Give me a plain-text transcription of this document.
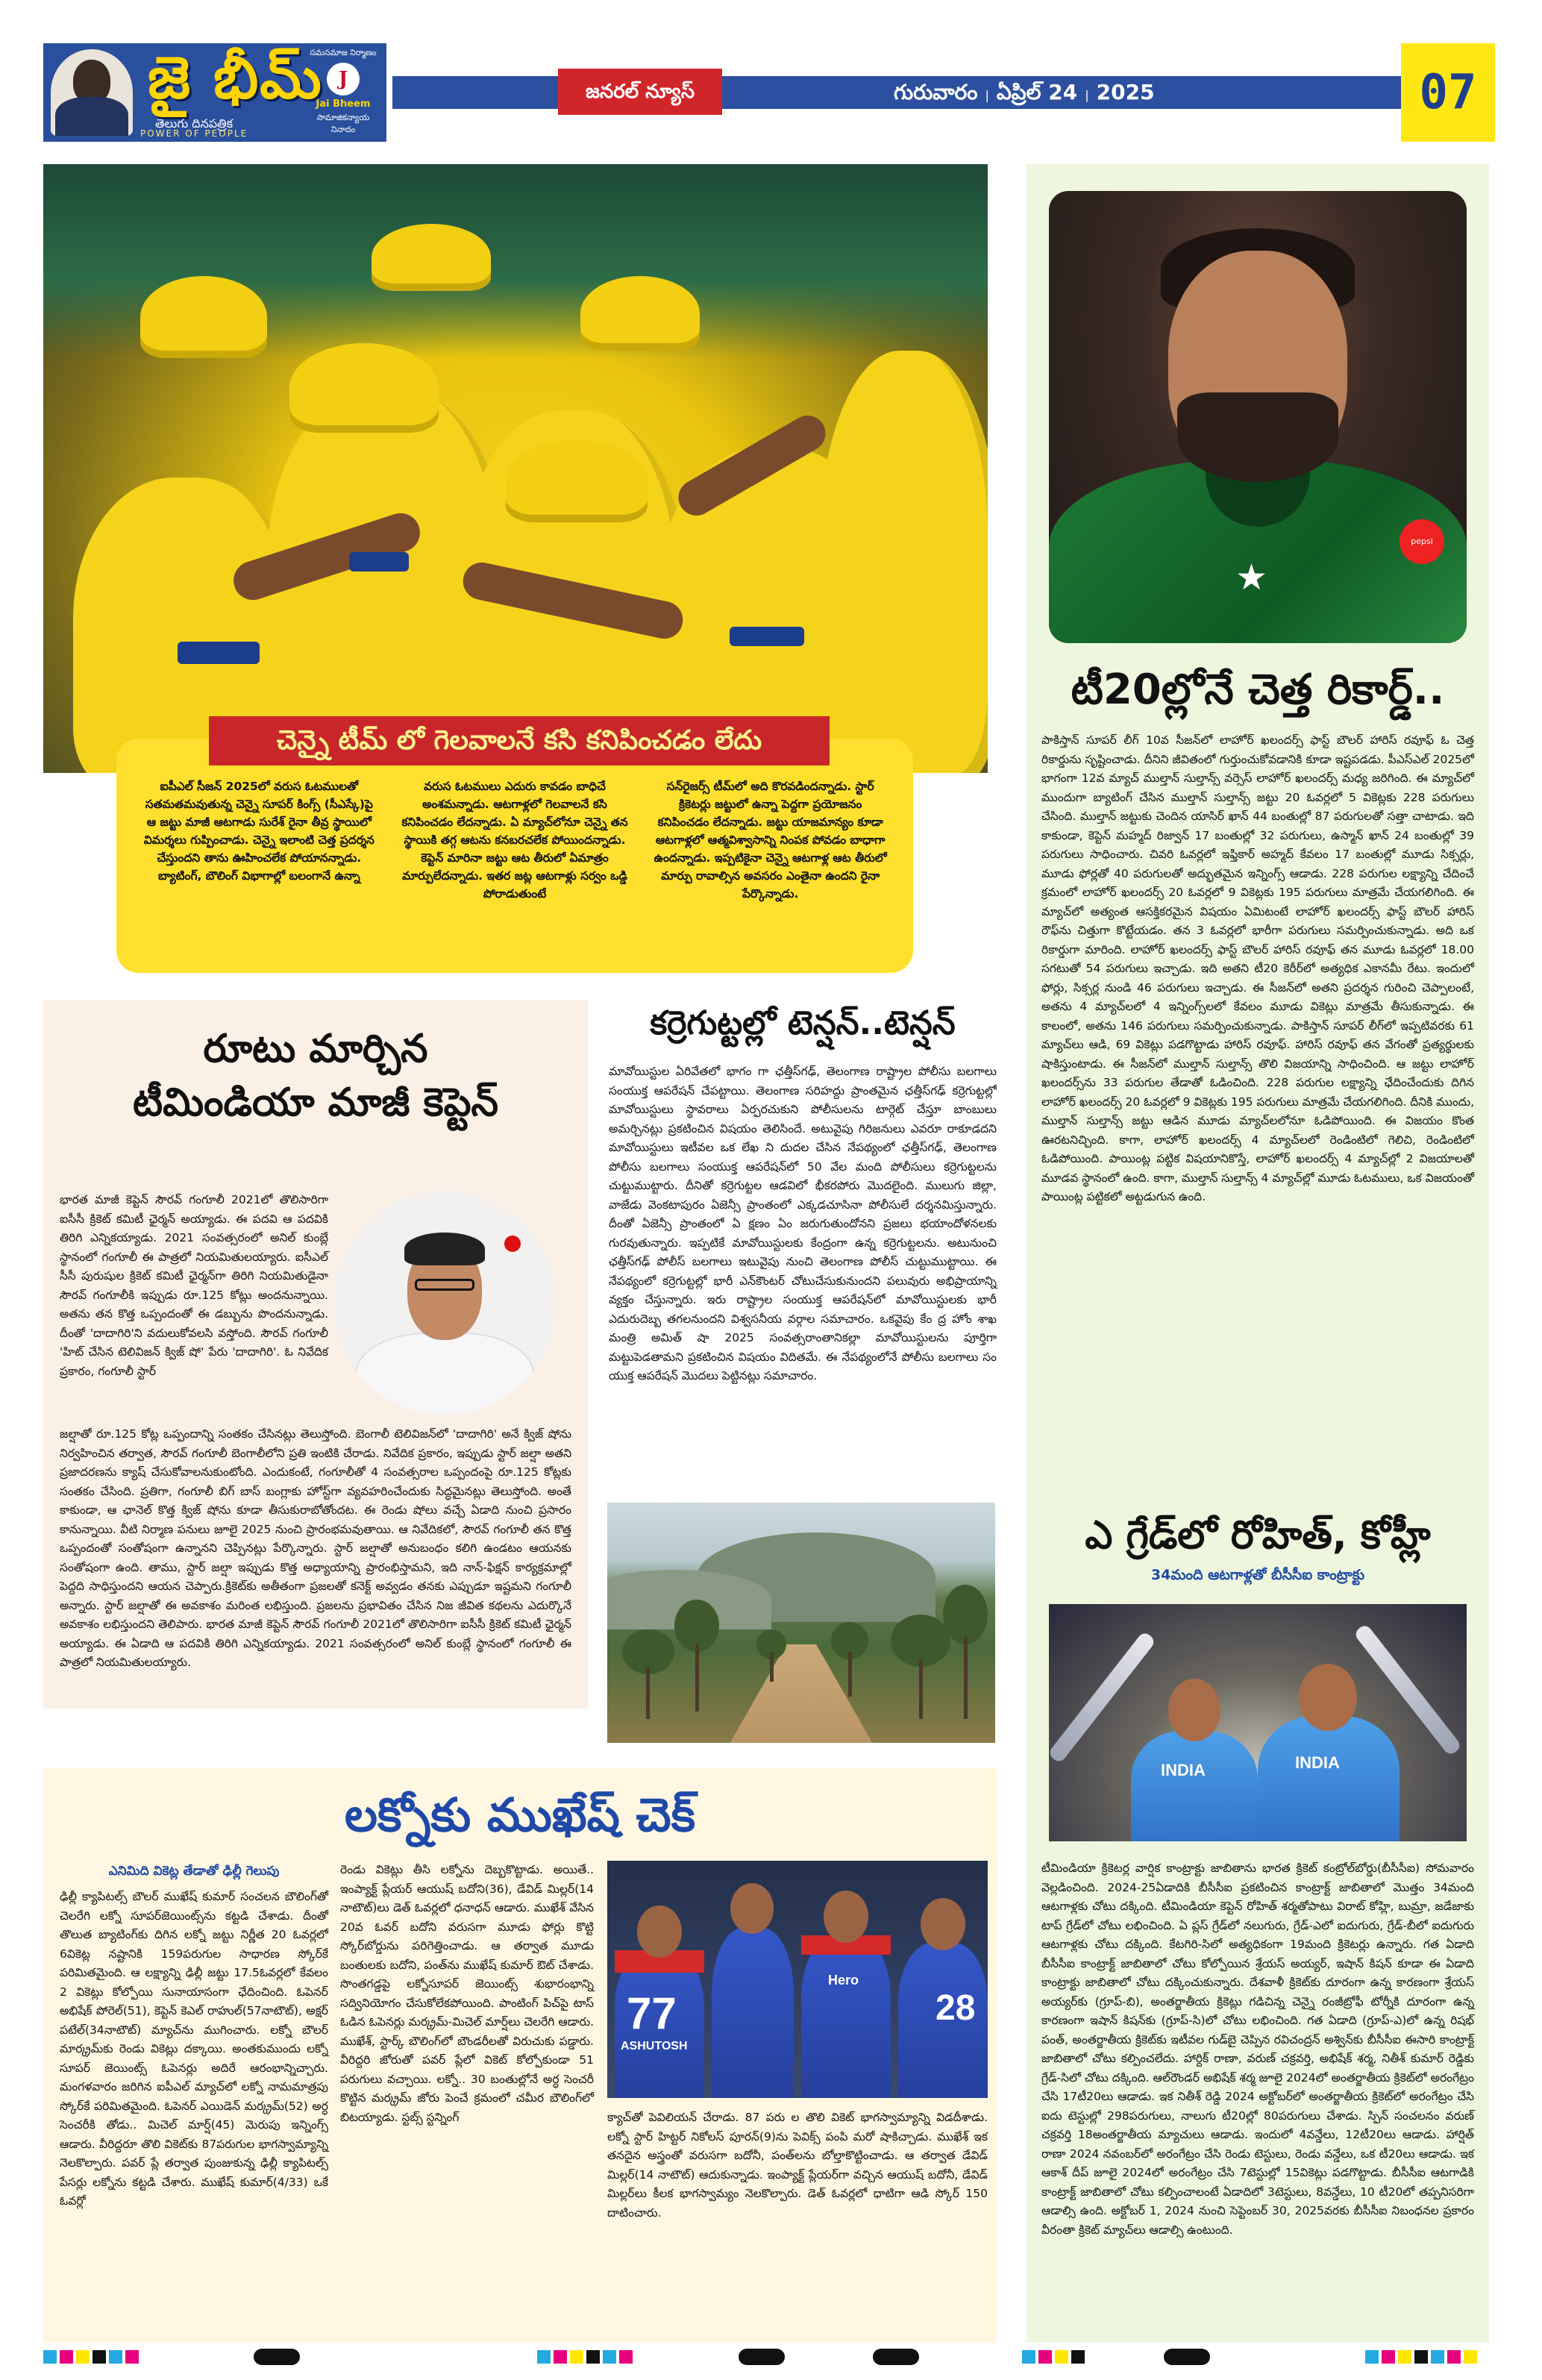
జై భీమ్
తెలుగు దినపత్రిక
POWER OF PEOPLE
సమసమాజ నిర్మాణం
J
Jai Bheem
సామాజికన్యాయ నినాదం
జనరల్ న్యూస్	గురువారం | ఏప్రిల్ 24 | 2025	07
ఐపీఎల్ సీజన్ 2025లో వరుస ఓటములతో సతమతమవుతున్న చెన్నై సూపర్ కింగ్స్ (సీఎస్కే)పై ఆ జట్టు మాజీ ఆటగాడు సురేశ్ రైనా తీవ్ర స్థాయిలో విమర్శలు గుప్పించాడు. చెన్నై ఇలాంటి చెత్త ప్రదర్శన చేస్తుందని తాను ఊహించలేక పోయానన్నాడు. బ్యాటింగ్, బౌలింగ్ విభాగాల్లో బలంగానే ఉన్నా
వరుస ఓటములు ఎదురు కావడం బాధిచే అంశమన్నాడు. ఆటగాళ్లలో గెలవాలనే కసి కనిపించడం లేదన్నాడు. ఏ మ్యాచ్‌లోనూ చెన్నై తన స్థాయికి తగ్గ ఆటను కనబరచలేక పోయిందన్నాడు. కెప్టెన్ మారినా జట్టు ఆట తీరులో ఏమాత్రం మార్పులేదన్నాడు. ఇతర జట్ల ఆటగాళ్లు సర్వం ఒడ్డి పోరాడుతుంటే
సన్‌రైజర్స్ టీమ్‌లో అది కొరవడిందన్నాడు. స్టార్ క్రికెటర్లు జట్టులో ఉన్నా పెద్దగా ప్రయోజనం కనిపించడం లేదన్నాడు. జట్టు యాజమాన్యం కూడా ఆటగాళ్లలో ఆత్మవిశ్వాసాన్ని నింపక పోవడం బాధాగా ఉందన్నాడు. ఇప్పటికైనా చెన్నై ఆటగాళ్ల ఆట తీరులో మార్పు రావాల్సిన అవసరం ఎంతైనా ఉందని రైనా పేర్కొన్నాడు.
చెన్నై టీమ్ లో గెలవాలనే కసి కనిపించడం లేదు
★
pepsi
టీ20ల్లోనే చెత్త రికార్డ్..
పాకిస్తాన్ సూపర్ లీగ్ 10వ సీజన్‌లో లాహోర్ ఖలందర్స్ ఫాస్ట్ బౌలర్ హారిస్ రవూఫ్ ఓ చెత్త రికార్డును సృష్టించాడు. దీనిని జీవితంలో గుర్తుంచుకోవడానికి కూడా ఇష్టపడడు. పీఎస్ఎల్ 2025లో భాగంగా 12వ మ్యాచ్ ముల్తాన్ సుల్తాన్స్ వర్సెస్ లాహోర్ ఖలందర్స్ మధ్య జరిగింది. ఈ మ్యాచ్‌లో ముందుగా బ్యాటింగ్ చేసిన ముల్తాన్ సుల్తాన్స్ జట్టు 20 ఓవర్లలో 5 వికెట్లకు 228 పరుగులు చేసింది. ముల్తాన్ జట్టుకు చెందిన యాసిర్ ఖాన్ 44 బంతుల్లో 87 పరుగులతో సత్తా చాటాడు. ఇది కాకుండా, కెప్టెన్ మహ్మద్ రిజ్వాన్ 17 బంతుల్లో 32 పరుగులు, ఉస్మాన్ ఖాన్ 24 బంతుల్లో 39 పరుగులు సాధించారు. చివరి ఓవర్లలో ఇఫ్తికార్ అహ్మద్ కేవలం 17 బంతుల్లో మూడు సిక్సర్లు, మూడు ఫోర్లతో 40 పరుగులతో అద్భుతమైన ఇన్నింగ్స్ ఆడాడు. 228 పరుగుల లక్ష్యాన్ని చేదించే క్రమంలో లాహోర్ ఖలందర్స్ 20 ఓవర్లలో 9 వికెట్లకు 195 పరుగులు మాత్రమే చేయగలిగింది. ఈ మ్యాచ్‌లో అత్యంత ఆసక్తికరమైన విషయం ఏమిటంటే లాహోర్ ఖలందర్స్ ఫాస్ట్ బౌలర్ హారిస్ రౌఫ్‌ను చిత్తుగా కొట్టేయడం. తన 3 ఓవర్లలో భారీగా పరుగులు సమర్పించుకున్నాడు. అది ఒక రికార్డుగా మారింది. లాహోర్ ఖలందర్స్ ఫాస్ట్ బౌలర్ హారిస్ రవూఫ్ తన మూడు ఓవర్లలో 18.00 సగటుతో 54 పరుగులు ఇచ్చాడు. ఇది అతని టీ20 కెరీర్‌లో అత్యధిక ఎకానమీ రేటు. ఇందులో ఫోర్లు, సిక్సర్ల నుండి 46 పరుగులు ఇచ్చాడు. ఈ సీజన్‌లో అతని ప్రదర్శన గురించి చెప్పాలంటే, అతను 4 మ్యాచ్‌లలో 4 ఇన్నింగ్స్‌లలో కేవలం మూడు వికెట్లు మాత్రమే తీసుకున్నాడు. ఈ కాలంలో, అతను 146 పరుగులు సమర్పించుకున్నాడు. పాకిస్తాన్ సూపర్ లీగ్‌లో ఇప్పటివరకు 61 మ్యాచ్‌లు ఆడి, 69 వికెట్లు పడగొట్టాడు హారిస్ రవూఫ్. హారిస్ రవూఫ్ తన వేగంతో ప్రత్యర్థులకు షాకిస్తుంటాడు. ఈ సీజన్‌లో ముల్తాన్ సుల్తాన్స్ తొలి విజయాన్ని సాధించింది. ఆ జట్టు లాహోర్ ఖలందర్స్‌ను 33 పరుగుల తేడాతో ఓడించింది. 228 పరుగుల లక్ష్యాన్ని ఛేదించేందుకు దిగిన లాహోర్ ఖలందర్స్ 20 ఓవర్లలో 9 వికెట్లకు 195 పరుగులు మాత్రమే చేయగలిగింది. దీనికి ముందు, ముల్తాన్ సుల్తాన్స్ జట్టు ఆడిన మూడు మ్యాచ్‌లలోనూ ఓడిపోయింది. ఈ విజయం కొంత ఊరటనిచ్చింది. కాగా, లాహోర్ ఖలందర్స్ 4 మ్యాచ్‌లలో రెండింటిలో గెలిచి, రెండింటిలో ఓడిపోయింది. పాయింట్ల పట్టిక విషయానికొస్తే, లాహోర్ ఖలందర్స్ 4 మ్యాచ్‌ల్లో 2 విజయాలతో మూడవ స్థానంలో ఉంది. కాగా, ముల్తాన్ సుల్తాన్స్ 4 మ్యాచ్‌ల్లో మూడు ఓటములు, ఒక విజయంతో పాయింట్ల పట్టికలో అట్టడుగున ఉంది.
ఎ గ్రేడ్‌లో రోహిత్, కోహ్లీ
34మంది ఆటగాళ్లతో బీసీసీఐ కాంట్రాక్టు
INDIA	INDIA
టీమిండియా క్రికెటర్ల వార్షిక కాంట్రాక్టు జాబితాను భారత క్రికెట్ కంట్రోల్‌బోర్డు(బీసీసీఐ) సోమవారం వెల్లడించింది. 2024-25ఏడాదికి బీసీసీఐ ప్రకటించిన కాంట్రాక్ట్ జాబితాలో మొత్తం 34మంది ఆటగాళ్లకు చోటు దక్కింది. టీమిండియా కెప్టెన్ రోహిత్ శర్మతోపాటు విరాట్ కోహ్లి, బుమ్రా, జడేజాకు టాప్ గ్రేడ్‌లో చోటు లభించింది. ఏ ప్లస్ గ్రేడ్‌లో నలుగురు, గ్రేడ్-ఎలో ఐదుగురు, గ్రేడ్-బీలో ఐదుగురు ఆటగాళ్లకు చోటు దక్కింది. కేటగిరి-సిలో అత్యధికంగా 19మంది క్రికెటర్లు ఉన్నారు. గత ఏడాది బీసీసీఐ కాంట్రాక్ట్ జాబితాలో చోటు కోల్పోయిన శ్రేయస్ అయ్యర్, ఇషాన్ కిషన్ కూడా ఈ ఏడాది కాంట్రాక్టు జాబితాలో చోటు దక్కించుకున్నారు. దేశవాళీ క్రికెట్‌కు దూరంగా ఉన్న కారణంగా శ్రేయస్ అయ్యర్‌కు (గ్రూప్-బి), అంతర్జాతీయ క్రికెట్లు గడిచిన్న చెన్నై రంజీట్రోఫీ టోర్నీకి దూరంగా ఉన్న కారణంగా ఇషాన్ కిషన్‌కు (గ్రూప్-సి)లో చోటు లభించింది. గత ఏడాది (గ్రూప్-ఎ)లో ఉన్న రిషభ్ పంత్, అంతర్జాతీయ క్రికెట్‌కు ఇటీవల గుడ్‌బై చెప్పిన రవిచంద్రన్ అశ్విన్‌కు బీసీసీఐ ఈసారి కాంట్రాక్ట్ జాబితాలో చోటు కల్పించలేదు. హార్దిక్ రాణా, వరుణ్ చక్రవర్తి, అభిషేక్ శర్మ, నితీశ్ కుమార్ రెడ్డికు గ్రేడ్-సిలో చోటు దక్కింది. ఆల్‌రౌండర్ అభిషేక్ శర్మ జూలై 2024లో అంతర్జాతీయ క్రికెట్‌లో అరంగేట్రం చేసి 17టీ20లు ఆడాడు. ఇక నితీశ్ రెడ్డి 2024 అక్టోబర్‌లో అంతర్జాతీయ క్రికెట్‌లో అరంగేట్రం చేసి ఐదు టెస్టుల్లో 298పరుగులు, నాలుగు టీ20ల్లో 80పరుగులు చేశాడు. స్పిన్ సంచలనం వరుణ్ చక్రవర్తి 18అంతర్జాతీయ మ్యాచులు ఆడాడు. ఇందులో 4వన్డేలు, 12టీ20లు ఆడాడు. హార్షిత్ రాణా 2024 నవంబర్‌లో అరంగేట్రం చేసి రెండు టెస్టులు, రెండు వన్డేలు, ఒక టీ20లు ఆడాడు. ఇక ఆకాశ్ దీప్ జూలై 2024లో అరంగేట్రం చేసి 7టెస్టుల్లో 15వికెట్లు పడగొట్టాడు. బీసీసీఐ ఆటగాడికి కాంట్రాక్ట్ జాబితాలో చోటు కల్పించాలంటే ఏడాదిలో 3టెస్టులు, 8వన్డేలు, 10 టీ20లో తప్పనిసరిగా ఆడాల్సి ఉంది. అక్టోబర్ 1, 2024 నుంచి సెప్టెంబర్ 30, 2025వరకు బీసీసీఐ నిబంధనల ప్రకారం వీరంతా క్రికెట్ మ్యాచ్‌లు ఆడాల్సి ఉంటుంది.
రూటు మార్చిన
టీమిండియా మాజీ కెప్టెన్
భారత మాజీ కెప్టెన్ సౌరవ్ గంగూలీ 2021లో తొలిసారిగా ఐసీసీ క్రికెట్ కమిటీ ఛైర్మన్ అయ్యాడు. ఈ పదవి ఆ పదవికి తిరిగి ఎన్నికయ్యాడు. 2021 సంవత్సరంలో అనిల్ కుంబ్లే స్థానంలో గంగూలీ ఈ పాత్రలో నియమితులయ్యారు. ఐసీఎల్ సీసీ పురుషుల క్రికెట్ కమిటీ ఛైర్మన్‌గా తిరిగి నియమితుడైనా సౌరవ్ గంగూలీకి ఇప్పుడు రూ.125 కోట్లు అందనున్నాయి. అతను తన కొత్త ఒప్పందంతో ఈ డబ్బును పొందనున్నాడు. దీంతో 'దాదాగిరి'ని వదులుకోవలసి వస్తోంది. సౌరవ్ గంగూలీ 'హిట్ చేసిన టెలివిజన్ క్విజ్ షో' పేరు 'దాదాగిరి'. ఓ నివేదిక ప్రకారం, గంగూలీ స్టార్
జల్షాతో రూ.125 కోట్ల ఒప్పందాన్ని సంతకం చేసినట్లు తెలుస్తోంది. బెంగాలీ టెలివిజన్‌లో 'దాదాగిరి' అనే క్విజ్ షోను నిర్వహించిన తర్వాత, సౌరవ్ గంగూలీ బెంగాలీలోని ప్రతి ఇంటికి చేరాడు. నివేదిక ప్రకారం, ఇప్పుడు స్టార్ జల్షా అతని ప్రజాదరణను క్యాష్ చేసుకోవాలనుకుంటోంది. ఎందుకంటే, గంగూలీతో 4 సంవత్సరాల ఒప్పందంపై రూ.125 కోట్లకు సంతకం చేసింది. ప్రతిగా, గంగూలీ బిగ్ బాస్ బంగ్లాకు హోస్ట్‌గా వ్యవహరించేందుకు సిద్ధమైనట్లు తెలుస్తోంది. అంతే కాకుండా, ఆ ఛానెల్ కొత్త క్విజ్ షోను కూడా తీసుకురాబోతోందట. ఈ రెండు షోలు వచ్చే ఏడాది నుంచి ప్రసారం కానున్నాయి. వీటి నిర్మాణ పనులు జూలై 2025 నుంచి ప్రారంభమవుతాయి. ఆ నివేదికలో, సౌరవ్ గంగూలీ తన కొత్త ఒప్పందంతో సంతోషంగా ఉన్నానని చెప్పినట్లు పేర్కొన్నారు. స్టార్ జల్షాతో అనుబంధం కలిగి ఉండటం ఆయనకు సంతోషంగా ఉంది. తాము, స్టార్ జల్షా ఇప్పుడు కొత్త అధ్యాయాన్ని ప్రారంభిస్తామని, ఇది నాన్-ఫిక్షన్ కార్యక్రమాల్లో పెద్దది సాధిస్తుందని ఆయన చెప్పారు.క్రికెట్‌కు అతీతంగా ప్రజలతో కనెక్ట్ అవ్వడం తనకు ఎప్పుడూ ఇష్టమని గంగూలీ అన్నారు. స్టార్ జల్షాతో ఈ అవకాశం మరింత లభిస్తుంది. ప్రజలను ప్రభావితం చేసిన నిజ జీవిత కథలను ఎదుర్కొనే అవకాశం లభిస్తుందని తెలిపారు. భారత మాజీ కెప్టెన్ సౌరవ్ గంగూలీ 2021లో తొలిసారిగా ఐసీసీ క్రికెట్ కమిటీ ఛైర్మన్ అయ్యాడు. ఈ ఏడాది ఆ పదవికి తిరిగి ఎన్నికయ్యాడు. 2021 సంవత్సరంలో అనిల్ కుంబ్లే స్థానంలో గంగూలీ ఈ పాత్రలో నియమితులయ్యారు.
కర్రెగుట్టల్లో టెన్షన్..టెన్షన్
మావోయిస్టుల ఏరివేతలో భాగం గా ఛత్తీస్‌గఢ్, తెలంగాణ రాష్ట్రాల పోలీసు బలగాలు సంయుక్త ఆపరేషన్ చేపట్టాయి. తెలంగాణ సరిహద్దు ప్రాంతమైన ఛత్తీస్‌గఢ్ కర్రెగుట్టల్లో మావోయిస్టులు స్థావరాలు ఏర్పరచుకుని పోలీసులను టార్గెట్ చేస్తూ బాంబులు అమర్చినట్లు ప్రకటించిన విషయం తెలిసిందే. అటువైపు గిరిజనులు ఎవరూ రాకూడదని మావోయిస్టులు ఇటీవల ఒక లేఖ ని దుదల చేసిన నేపథ్యంలో ఛత్తీస్‌గఢ్, తెలంగాణ పోలీసు బలగాలు సంయుక్త ఆపరేషన్‌లో 50 వేల మంది పోలీసులు కర్రెగుట్టలను చుట్టుముట్టారు. దీనితో కర్రెగుట్టల ఆడవిలో భీకరపోరు మొదలైంది. ములుగు జిల్లా, వాజేడు వెంకటాపురం ఏజెన్సీ ప్రాంతంలో ఎక్కడచూసినా పోలీసులే దర్శనమిస్తున్నారు. దీంతో ఏజెన్సీ ప్రాంతంలో ఏ క్షణం ఏం జరుగుతుందోనని ప్రజలు భయాందోళనలకు గురవుతున్నారు. ఇప్పటికే మావోయిస్టులకు కేంద్రంగా ఉన్న కర్రెగుట్టలను. అటునుంచి ఛత్తీస్‌గఢ్ పోలీస్ బలగాలు ఇటువైపు నుంచి తెలంగాణ పోలీస్ చుట్టుముట్టాయి. ఈ నేపథ్యంలో కర్రెగుట్టల్లో భారీ ఎన్‌కౌంటర్ చోటుచేసుకునుందని పలువురు అభిప్రాయాన్ని వ్యక్తం చేస్తున్నారు. ఇరు రాష్ట్రాల సంయుక్త ఆపరేషన్‌లో మావోయిస్టులకు భారీ ఎదురుదెబ్బ తగలనుందని విశ్వసనీయ వర్గాల సమాచారం. ఒకవైపు కేం ద్ర హోం శాఖ మంత్రి అమిత్ షా 2025 సంవత్సరాంతానికల్లా మావోయిస్టులను పూర్తిగా మట్టుపెడతామని ప్రకటించిన విషయం విదితమే. ఈ నేపథ్యంలోనే పోలీసు బలగాలు సం యుక్త ఆపరేషన్ మొదలు పెట్టినట్లు సమాచారం.
లక్నోకు ముఖేష్ చెక్
ఎనిమిది వికెట్ల తేడాతో ఢిల్లీ గెలుపు
ఢిల్లీ క్యాపిటల్స్ బౌలర్ ముఖేష్ కుమార్ సంచలన బౌలింగ్‌తో చెలరేగి లక్నో సూపర్‌జెయింట్స్‌ను కట్టడి చేశాడు. దీంతో తొలుత బ్యాటింగ్‌కు దిగిన లక్నో జట్టు నిర్ణీత 20 ఓవర్లలో 6వికెట్ల నష్టానికి 159పరుగుల సాధారణ స్కోర్‌కే పరిమితమైంది. ఆ లక్ష్యాన్ని ఢిల్లీ జట్టు 17.5ఓవర్లలో కేవలం 2 వికెట్లు కోల్పోయి సునాయాసంగా ఛేదించింది. ఓపెనర్ అభిషేక్ పోరెల్(51), కెప్టెన్ కెఎల్ రాహుల్(57నాటౌట్), అక్షర్ పటేల్(34నాటౌట్) మ్యాచ్‌ను ముగించారు. లక్నో బౌలర్ మార్క్రమ్‌కు రెండు వికెట్లు దక్కాయి. అంతకుముందు లక్నో సూపర్ జెయింట్స్ ఓపెనర్లు అదిరే ఆరంభాన్నిచ్చారు. మంగళవారం జరిగిన ఐపీఎల్ మ్యాచ్‌లో లక్నో నామమాత్రపు స్కోర్‌కే పరిమితమైంది. ఓపెనర్ ఎయిడెన్ మర్క్రమ్(52) అర్ధ సెంచరీకి తోడు.. మిచెల్ మార్ష్(45) మెరుపు ఇన్నింగ్స్ ఆడారు. వీరిద్దరూ తొలి వికెట్‌కు 87పరుగుల భాగస్వామ్యాన్ని నెలకొల్పారు. పవర్ ప్లే తర్వాత పుంజుకున్న ఢిల్లీ క్యాపిటల్స్ పేసర్లు లక్నోను కట్టడి చేశారు. ముఖేష్ కుమార్(4/33) ఒకే ఓవర్లో
రెండు వికెట్లు తీసి లక్నోను దెబ్బకొట్టాడు. అయితే.. ఇంప్యాక్ట్ ప్లేయర్ ఆయుష్ బదోని(36), డేవిడ్ మిల్లర్(14 నాటౌట్)లు డెత్ ఓవర్లలో ధనాధన్ ఆడారు. ముఖేశ్ వేసిన 20వ ఓవర్ బదోని వరుసగా మూడు ఫోర్లు కొట్టి స్కోర్‌బోర్డును పరిగెత్తించాడు. ఆ తర్వాత మూడు బంతులకు బదోని, పంత్‌ను ముఖేష్ కుమార్ ఔట్ చేశాడు. సొంతగడ్డపై లక్నోసూపర్ జెయింట్స్ శుభారంభాన్ని సద్వినియోగం చేసుకోలేకపోయింది. పాంటింగ్ పిచ్‌పై టాస్ ఓడిన ఓపెనర్లు మర్క్రమ్-మిచెల్ మార్ష్‌లు చెలరేగి ఆడారు. ముఖేశ్, స్టార్క్ బౌలింగ్‌లో బౌండరీలతో విరుచుకు పడ్డారు. వీరిద్దరి జోరుతో పవర్ ప్లేలో వికెట్ కోల్పోకుండా 51 పరుగులు వచ్చాయి. లక్నో.. 30 బంతుల్లోనే అర్ధ సెంచరీ కొట్టిన మర్క్రమ్ జోరు పెంచే క్రమంలో చమీర బౌలింగ్‌లో బిటయ్యాడు. స్టబ్స్ స్టన్నింగ్
77
ASHUTOSH
Hero
28
క్యాచ్‌తో పెవిలియన్ చేరాడు. 87 పరు ల తొలి వికెట్ భాగస్వామ్యాన్ని విడదీశాడు. లక్నో స్టార్ హిట్టర్ నికోలస్ పూరన్(9)ను పెవిక్స్ పంపి మరో షాకిచ్చాడు. ముఖేశ్ ఇక తనదైన అస్త్రంతో వరుసగా బదోనీ, పంత్‌లను బోల్తాకొట్టించాడు. ఆ తర్వాత డేవిడ్ మిల్లర్(14 నాటౌట్) ఆదుకున్నాడు. ఇంప్యాక్ట్ ప్లేయర్‌గా వచ్చిన ఆయుష్ బదోనీ, డేవిడ్ మిల్లర్‌లు కీలక భాగస్వామ్యం నెలకొల్పారు. డెత్ ఓవర్లలో ధాటిగా ఆడి స్కోర్ 150 దాటించారు.
